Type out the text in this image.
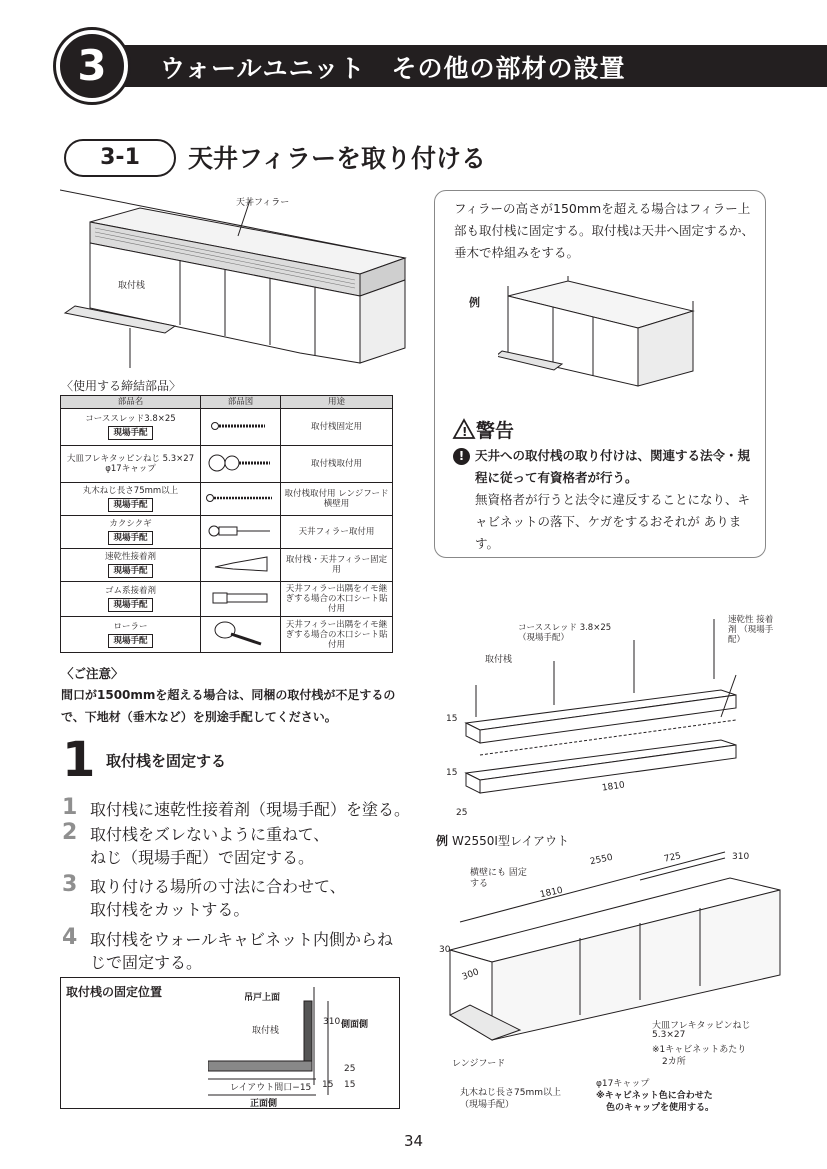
3	ウォールユニット　その他の部材の設置
3-1	天井フィラーを取り付ける
天井フィラー
取付桟
フィラーの高さが150mmを超える場合はフィラー上部も取付桟に固定する。取付桟は天井へ固定するか、垂木で枠組みをする。
例
! 警告
! 天井への取付桟の取り付けは、関連する法令・規程に従って有資格者が行う。
無資格者が行うと法令に違反することになり、キャビネットの落下、ケガをするおそれが あります。
〈使用する締結部品〉
部品名	部品図	用途

コーススレッド3.8×25
現場手配		取付桟固定用
大皿フレキタッピンねじ 5.3×27 φ17キャップ		取付桟取付用

丸木ねじ長さ75mm以上
現場手配		取付桟取付用 レンジフード横壁用

カクシクギ
現場手配		天井フィラー取付用

速乾性接着剤
現場手配		取付桟・天井フィラー固定用

ゴム系接着剤
現場手配		天井フィラー出隅をイモ継ぎする場合の木口シート貼付用

ローラー
現場手配		天井フィラー出隅をイモ継ぎする場合の木口シート貼付用
〈ご注意〉
間口が1500mmを超える場合は、同梱の取付桟が不足するので、下地材（垂木など）を別途手配してください。
1 取付桟を固定する
1 取付桟に速乾性接着剤（現場手配）を塗る。
2 取付桟をズレないように重ねて、ねじ（現場手配）で固定する。
3 取り付ける場所の寸法に合わせて、取付桟をカットする。
4 取付桟をウォールキャビネット内側からねじで固定する。
取付桟の固定位置	吊戸上面
取付桟
310 側面側
25
15
レイアウト間口−15 15
正面側
コーススレッド 3.8×25（現場手配）
取付桟
速乾性 接着剤 （現場手配）
15
15
1810
25
例 W2550I型レイアウト
横壁にも 固定する
2550	725	310
1810
30
300
レンジフード
大皿フレキタッピンねじ
5.3×27
※1キャビネットあたり
2カ所
丸木ねじ長さ75mm以上
（現場手配）
φ17キャップ
※キャビネット色に合わせた
色のキャップを使用する。
34
